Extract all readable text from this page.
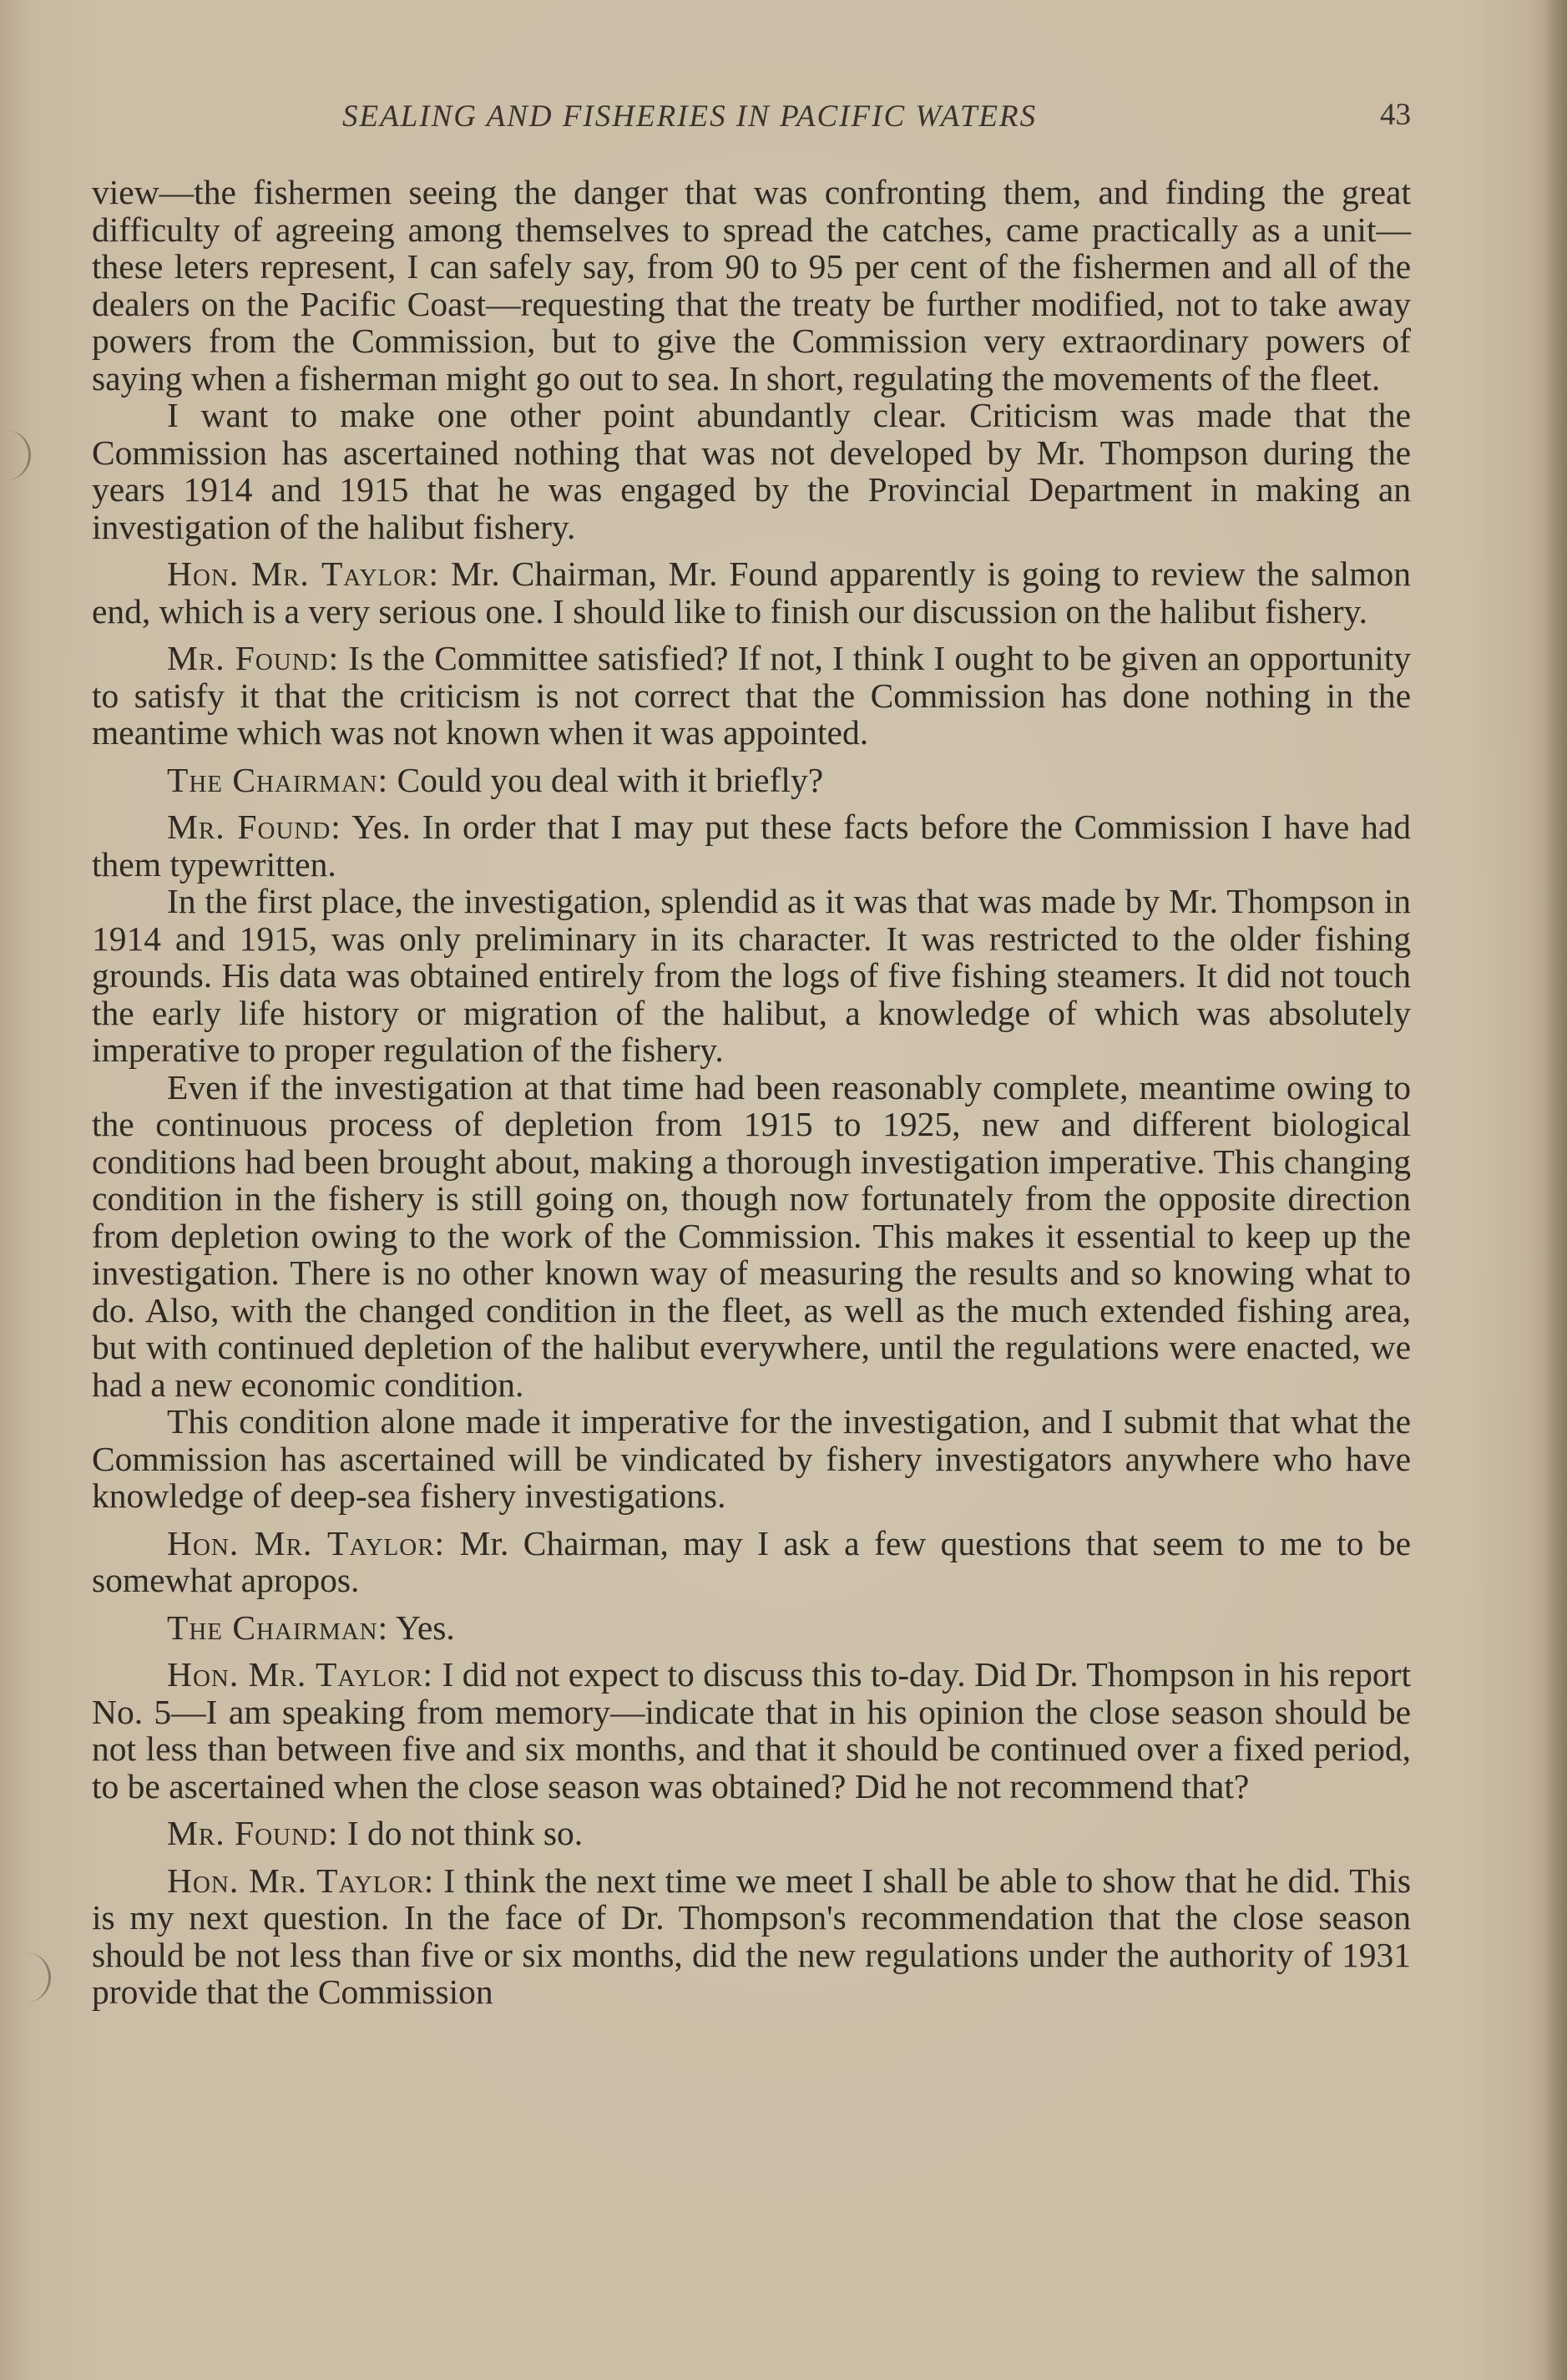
SEALING AND FISHERIES IN PACIFIC WATERS	43

view—the fishermen seeing the danger that was confronting them, and finding the great difficulty of agreeing among themselves to spread the catches, came practically as a unit—these leters represent, I can safely say, from 90 to 95 per cent of the fishermen and all of the dealers on the Pacific Coast—requesting that the treaty be further modified, not to take away powers from the Commission, but to give the Commission very extraordinary powers of saying when a fisherman might go out to sea. In short, regulating the movements of the fleet.

I want to make one other point abundantly clear. Criticism was made that the Commission has ascertained nothing that was not developed by Mr. Thompson during the years 1914 and 1915 that he was engaged by the Provincial Department in making an investigation of the halibut fishery.

Hon. Mr. Taylor: Mr. Chairman, Mr. Found apparently is going to review the salmon end, which is a very serious one. I should like to finish our discussion on the halibut fishery.

Mr. Found: Is the Committee satisfied? If not, I think I ought to be given an opportunity to satisfy it that the criticism is not correct that the Commission has done nothing in the meantime which was not known when it was appointed.

The Chairman: Could you deal with it briefly?

Mr. Found: Yes. In order that I may put these facts before the Commission I have had them typewritten.

In the first place, the investigation, splendid as it was that was made by Mr. Thompson in 1914 and 1915, was only preliminary in its character. It was restricted to the older fishing grounds. His data was obtained entirely from the logs of five fishing steamers. It did not touch the early life history or migration of the halibut, a knowledge of which was absolutely imperative to proper regulation of the fishery.

Even if the investigation at that time had been reasonably complete, meantime owing to the continuous process of depletion from 1915 to 1925, new and different biological conditions had been brought about, making a thorough investigation imperative. This changing condition in the fishery is still going on, though now fortunately from the opposite direction from depletion owing to the work of the Commission. This makes it essential to keep up the investigation. There is no other known way of measuring the results and so knowing what to do. Also, with the changed condition in the fleet, as well as the much extended fishing area, but with continued depletion of the halibut everywhere, until the regulations were enacted, we had a new economic condition.

This condition alone made it imperative for the investigation, and I submit that what the Commission has ascertained will be vindicated by fishery investigators anywhere who have knowledge of deep-sea fishery investigations.

Hon. Mr. Taylor: Mr. Chairman, may I ask a few questions that seem to me to be somewhat apropos.

The Chairman: Yes.

Hon. Mr. Taylor: I did not expect to discuss this to-day. Did Dr. Thompson in his report No. 5—I am speaking from memory—indicate that in his opinion the close season should be not less than between five and six months, and that it should be continued over a fixed period, to be ascertained when the close season was obtained? Did he not recommend that?

Mr. Found: I do not think so.

Hon. Mr. Taylor: I think the next time we meet I shall be able to show that he did. This is my next question. In the face of Dr. Thompson's recommendation that the close season should be not less than five or six months, did the new regulations under the authority of 1931 provide that the Commission
